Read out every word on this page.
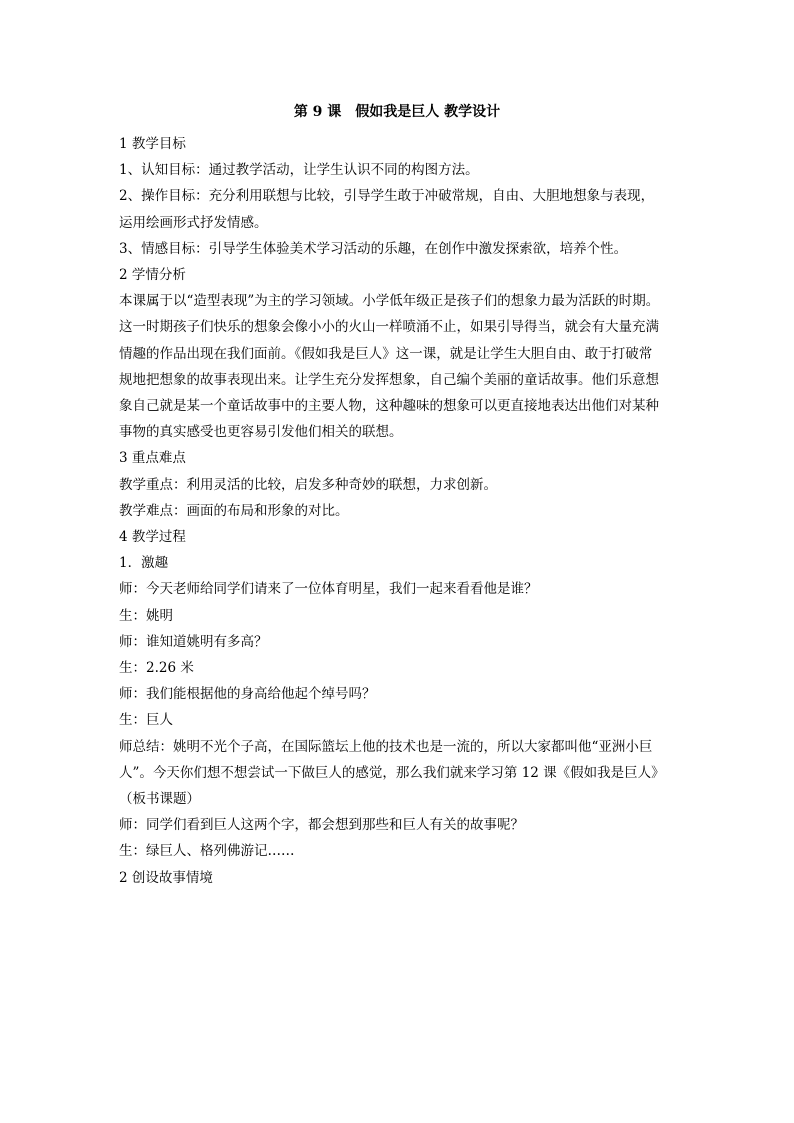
第 9 课　假如我是巨人 教学设计

1 教学目标

1、认知目标：通过教学活动，让学生认识不同的构图方法。

2、操作目标：充分利用联想与比较，引导学生敢于冲破常规，自由、大胆地想象与表现，

运用绘画形式抒发情感。

3、情感目标：引导学生体验美术学习活动的乐趣，在创作中激发探索欲，培养个性。

2 学情分析

本课属于以“造型表现”为主的学习领域。小学低年级正是孩子们的想象力最为活跃的时期。

这一时期孩子们快乐的想象会像小小的火山一样喷涌不止，如果引导得当，就会有大量充满

情趣的作品出现在我们面前。《假如我是巨人》这一课，就是让学生大胆自由、敢于打破常

规地把想象的故事表现出来。让学生充分发挥想象，自己编个美丽的童话故事。他们乐意想

象自己就是某一个童话故事中的主要人物，这种趣味的想象可以更直接地表达出他们对某种

事物的真实感受也更容易引发他们相关的联想。

3 重点难点

教学重点：利用灵活的比较，启发多种奇妙的联想，力求创新。

教学难点：画面的布局和形象的对比。

4 教学过程

1．激趣

师：今天老师给同学们请来了一位体育明星，我们一起来看看他是谁？

生：姚明

师：谁知道姚明有多高？

生：2.26 米

师：我们能根据他的身高给他起个绰号吗？

生：巨人

师总结：姚明不光个子高，在国际篮坛上他的技术也是一流的，所以大家都叫他“亚洲小巨

人”。今天你们想不想尝试一下做巨人的感觉，那么我们就来学习第 12 课《假如我是巨人》

（板书课题）

师：同学们看到巨人这两个字，都会想到那些和巨人有关的故事呢？

生：绿巨人、格列佛游记……

2 创设故事情境
